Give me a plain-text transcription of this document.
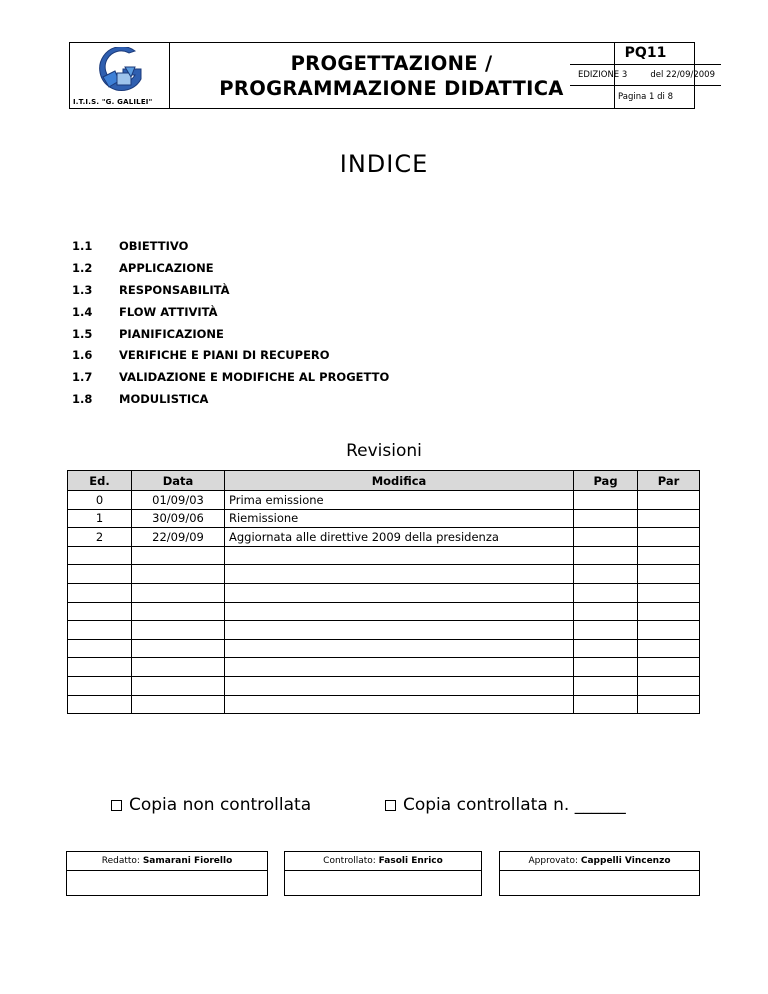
I.T.I.S. "G. GALILEI"
PROGETTAZIONE /
PROGRAMMAZIONE DIDATTICA
PQ11
EDIZIONE 3	del 22/09/2009
Pagina 1 di 8
INDICE
1.1	OBIETTIVO
1.2	APPLICAZIONE
1.3	RESPONSABILITÀ
1.4	FLOW ATTIVITÀ
1.5	PIANIFICAZIONE
1.6	VERIFICHE E PIANI DI RECUPERO
1.7	VALIDAZIONE E MODIFICHE AL PROGETTO
1.8	MODULISTICA
Revisioni
Ed.	Data	Modifica	Pag	Par
0	01/09/03	Prima emissione		
1	30/09/06	Riemissione		
2	22/09/09	Aggiornata alle direttive 2009 della presidenza		

Copia non controllata	Copia controllata n. ______
Redatto: Samarani Fiorello	Controllato: Fasoli Enrico	Approvato: Cappelli Vincenzo
